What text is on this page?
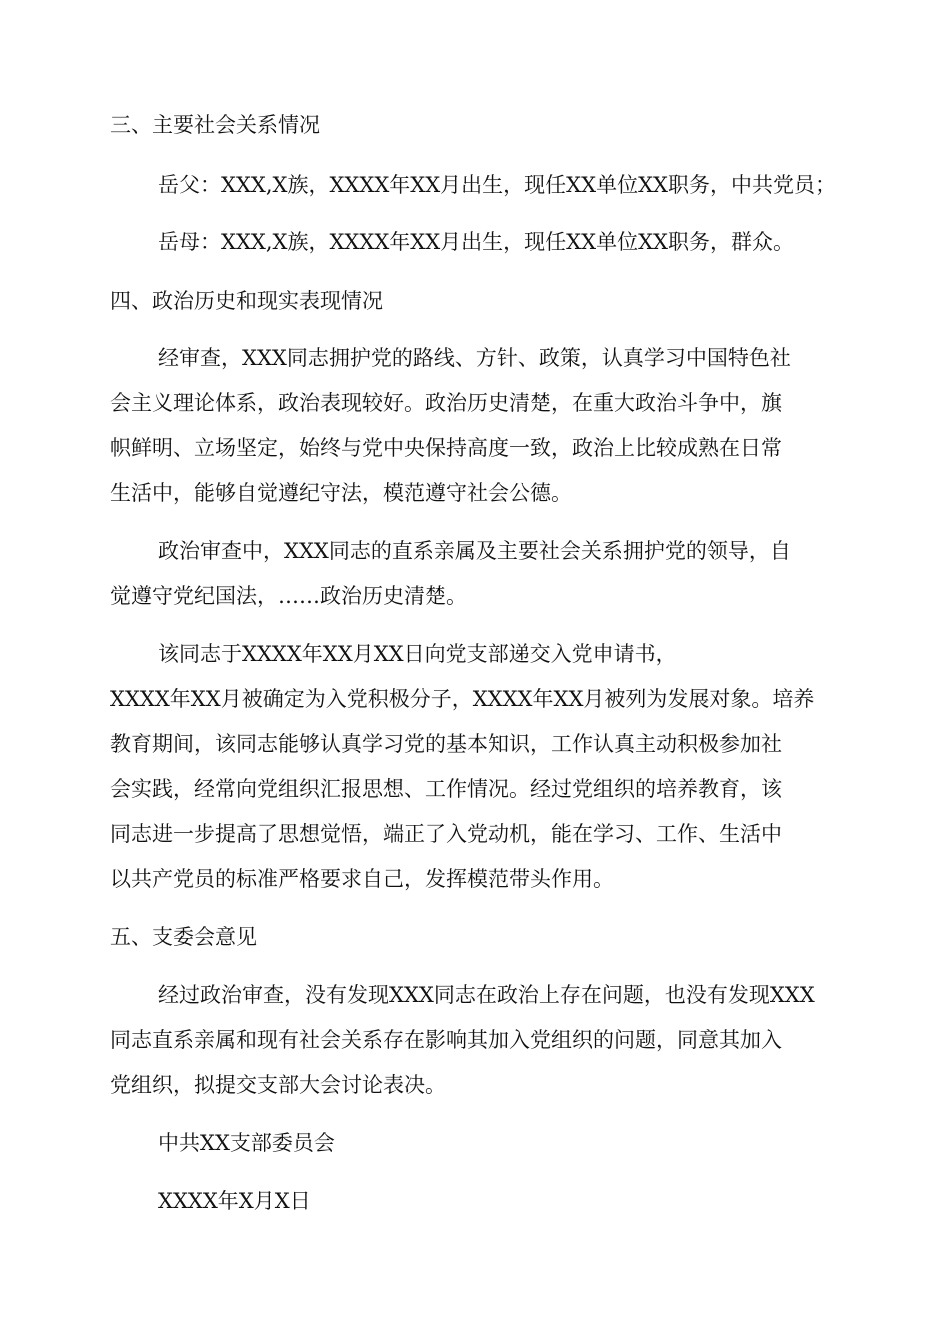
三、主要社会关系情况

岳父：XXX,X族，XXXX年XX月出生，现任XX单位XX职务，中共党员；

岳母：XXX,X族，XXXX年XX月出生，现任XX单位XX职务，群众。

四、政治历史和现实表现情况

经审查，XXX同志拥护党的路线、方针、政策，认真学习中国特色社

会主义理论体系，政治表现较好。政治历史清楚，在重大政治斗争中，旗

帜鲜明、立场坚定，始终与党中央保持高度一致，政治上比较成熟在日常

生活中，能够自觉遵纪守法，模范遵守社会公德。

政治审查中，XXX同志的直系亲属及主要社会关系拥护党的领导，自

觉遵守党纪国法，……政治历史清楚。

该同志于XXXX年XX月XX日向党支部递交入党申请书，

XXXX年XX月被确定为入党积极分子，XXXX年XX月被列为发展对象。培养

教育期间，该同志能够认真学习党的基本知识，工作认真主动积极参加社

会实践，经常向党组织汇报思想、工作情况。经过党组织的培养教育，该

同志进一步提高了思想觉悟，端正了入党动机，能在学习、工作、生活中

以共产党员的标准严格要求自己，发挥模范带头作用。

五、支委会意见

经过政治审查，没有发现XXX同志在政治上存在问题，也没有发现XXX

同志直系亲属和现有社会关系存在影响其加入党组织的问题，同意其加入

党组织，拟提交支部大会讨论表决。

中共XX支部委员会

XXXX年X月X日
